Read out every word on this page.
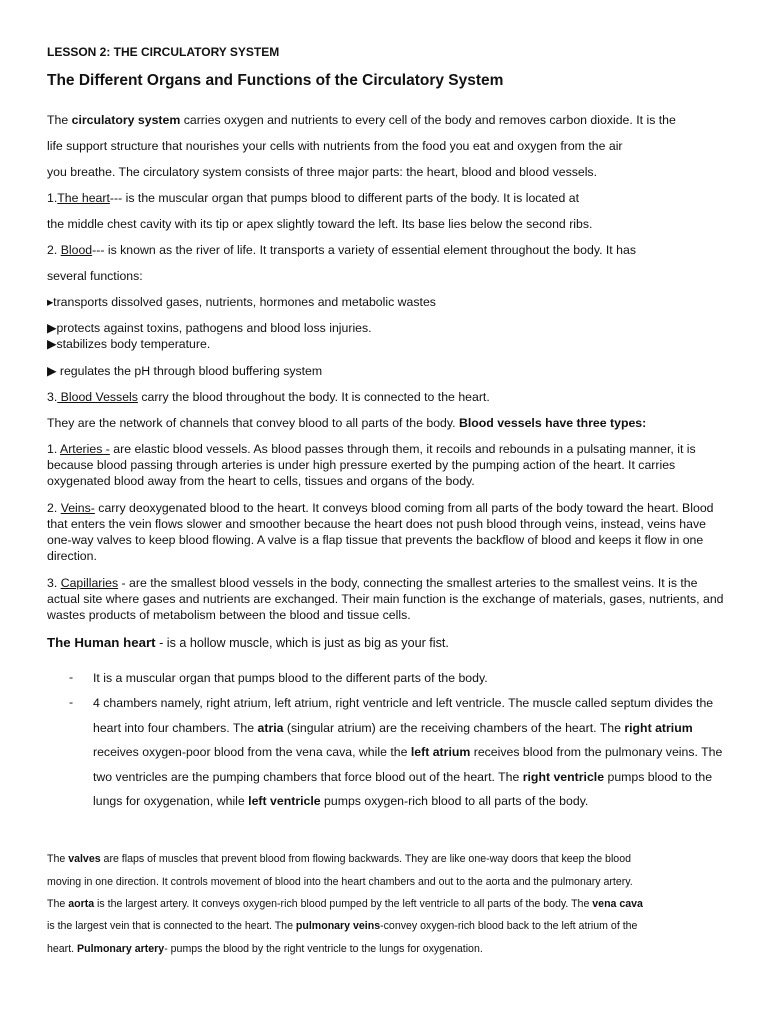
LESSON 2: THE CIRCULATORY SYSTEM
The Different Organs and Functions of the Circulatory System
The circulatory system carries oxygen and nutrients to every cell of the body and removes carbon dioxide. It is the
life support structure that nourishes your cells with nutrients from the food you eat and oxygen from the air
you breathe. The circulatory system consists of three major parts: the heart, blood and blood vessels.
1.The heart--- is the muscular organ that pumps blood to different parts of the body. It is located at
the middle chest cavity with its tip or apex slightly toward the left. Its base lies below the second ribs.
2. Blood--- is known as the river of life. It transports a variety of essential element throughout the body. It has
several functions:
▸transports dissolved gases, nutrients, hormones and metabolic wastes
▶protects against toxins, pathogens and blood loss injuries.
▶stabilizes body temperature.
▶ regulates the pH through blood buffering system
3. Blood Vessels carry the blood throughout the body. It is connected to the heart.
They are the network of channels that convey blood to all parts of the body. Blood vessels have three types:
1. Arteries - are elastic blood vessels. As blood passes through them, it recoils and rebounds in a pulsating manner, it is because blood passing through arteries is under high pressure exerted by the pumping action of the heart. It carries oxygenated blood away from the heart to cells, tissues and organs of the body.
2. Veins- carry deoxygenated blood to the heart. It conveys blood coming from all parts of the body toward the heart. Blood that enters the vein flows slower and smoother because the heart does not push blood through veins, instead, veins have one-way valves to keep blood flowing. A valve is a flap tissue that prevents the backflow of blood and keeps it flow in one direction.
3. Capillaries - are the smallest blood vessels in the body, connecting the smallest arteries to the smallest veins. It is the actual site where gases and nutrients are exchanged. Their main function is the exchange of materials, gases, nutrients, and wastes products of metabolism between the blood and tissue cells.
The Human heart - is a hollow muscle, which is just as big as your fist.
- It is a muscular organ that pumps blood to the different parts of the body.
- 4 chambers namely, right atrium, left atrium, right ventricle and left ventricle. The muscle called septum divides the heart into four chambers. The atria (singular atrium) are the receiving chambers of the heart. The right atrium receives oxygen-poor blood from the vena cava, while the left atrium receives blood from the pulmonary veins. The two ventricles are the pumping chambers that force blood out of the heart. The right ventricle pumps blood to the lungs for oxygenation, while left ventricle pumps oxygen-rich blood to all parts of the body.
The valves are flaps of muscles that prevent blood from flowing backwards. They are like one-way doors that keep the blood
moving in one direction. It controls movement of blood into the heart chambers and out to the aorta and the pulmonary artery.
The aorta is the largest artery. It conveys oxygen-rich blood pumped by the left ventricle to all parts of the body. The vena cava
is the largest vein that is connected to the heart. The pulmonary veins-convey oxygen-rich blood back to the left atrium of the
heart. Pulmonary artery- pumps the blood by the right ventricle to the lungs for oxygenation.
